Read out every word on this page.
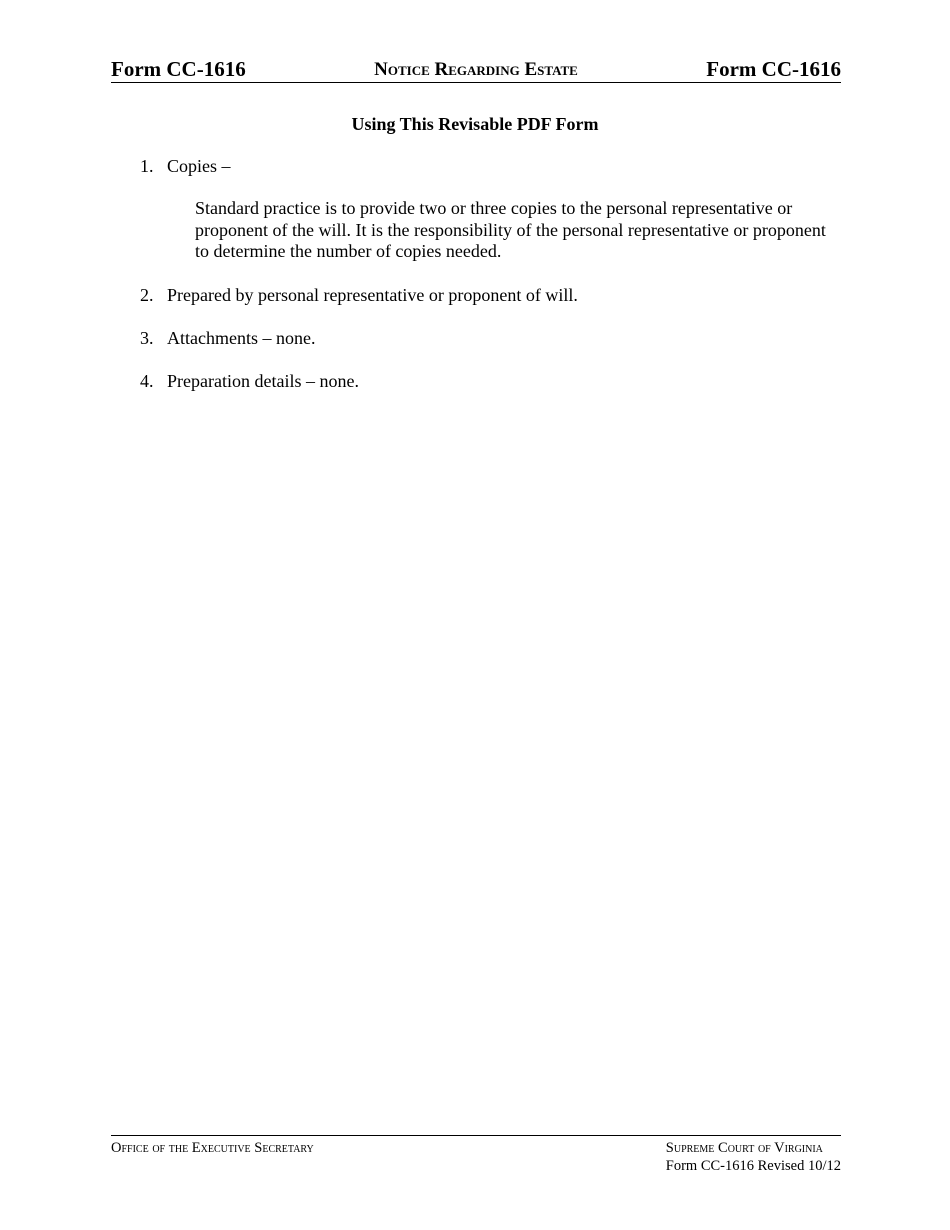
Form CC-1616	Notice Regarding Estate	Form CC-1616
Using This Revisable PDF Form
1. Copies –
Standard practice is to provide two or three copies to the personal representative or proponent of the will. It is the responsibility of the personal representative or proponent to determine the number of copies needed.
2. Prepared by personal representative or proponent of will.
3. Attachments – none.
4. Preparation details – none.
Office of the Executive Secretary	Supreme Court of Virginia
Form CC-1616 Revised 10/12
